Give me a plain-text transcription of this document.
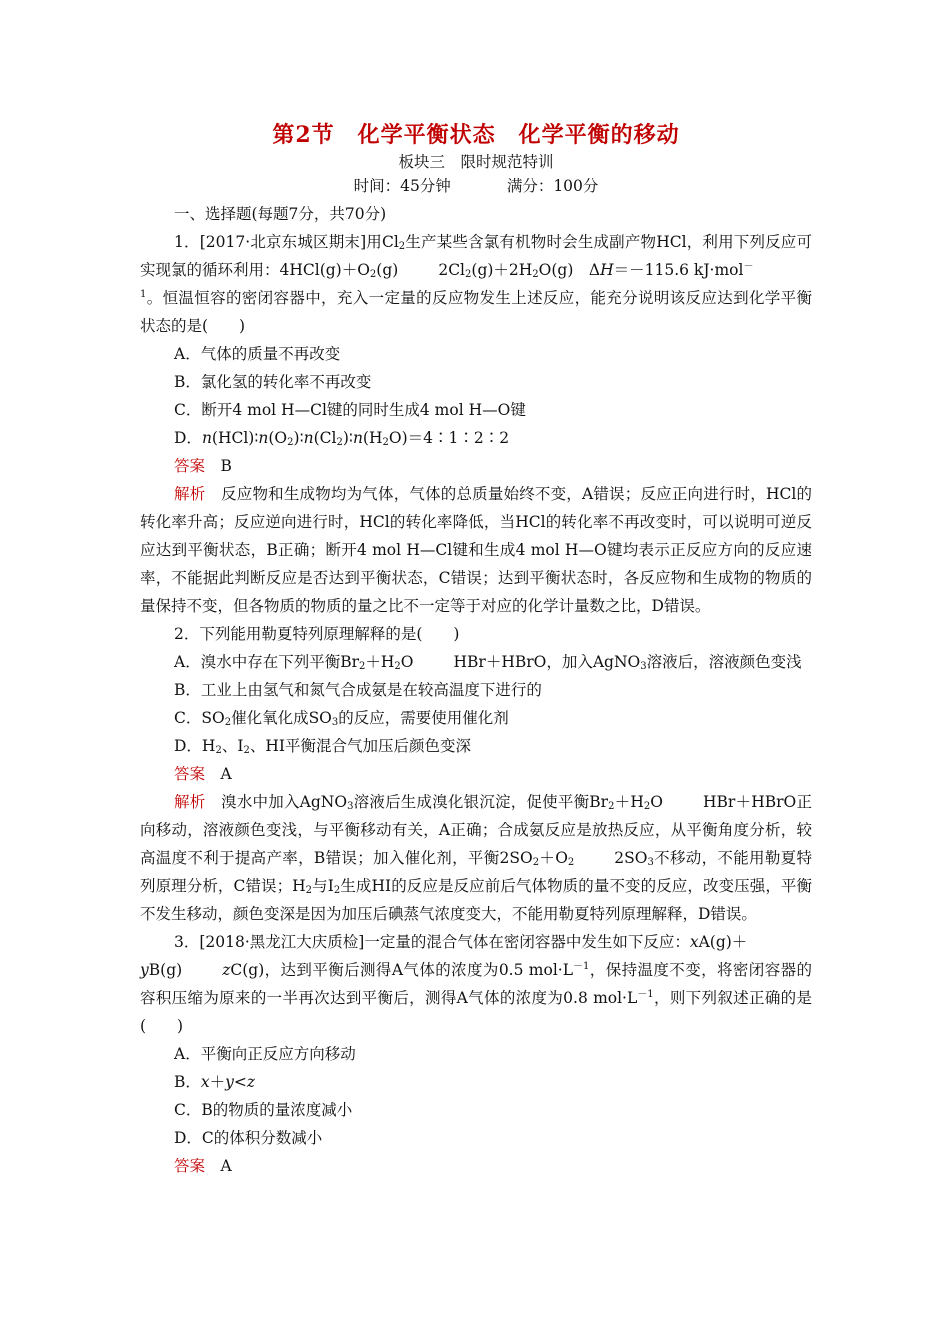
第2节　化学平衡状态　化学平衡的移动
板块三　限时规范特训
时间：45分钟	满分：100分

一、选择题(每题7分，共70分)

1．[2017·北京东城区期末]用$Cl_2$生产某些含氯有机物时会生成副产物HCl，利用下列反应可实现氯的循环利用：$4HCl(g)+O_2(g)$	$2Cl_2(g)+2H_2O(g)$　ΔH＝－115.6 kJ·mol－
$^1$。恒温恒容的密闭容器中，充入一定量的反应物发生上述反应，能充分说明该反应达到化学平衡状态的是(　　)

A．气体的质量不再改变

B．氯化氢的转化率不再改变

C．断开4 mol H—Cl键的同时生成4 mol H—O键

D．$n(HCl)∶n(O_2)∶n(Cl_2)∶n(H_2O)=4∶1∶2∶2$

答案　 B

解析　 反应物和生成物均为气体，气体的总质量始终不变，A错误；反应正向进行时，HCl的转化率升高；反应逆向进行时，HCl的转化率降低，当HCl的转化率不再改变时，可以说明可逆反应达到平衡状态，B正确；断开4 mol H—Cl键和生成4 mol H—O键均表示正反应方向的反应速率，不能据此判断反应是否达到平衡状态，C错误；达到平衡状态时，各反应物和生成物的物质的量保持不变，但各物质的物质的量之比不一定等于对应的化学计量数之比，D错误。

2．下列能用勒夏特列原理解释的是(　　)

A．溴水中存在下列平衡$Br_2+H_2O$	HBr＋HBrO，加入AgNO$_3$溶液后，溶液颜色变浅

B．工业上由氢气和氮气合成氨是在较高温度下进行的

C．$SO_2$催化氧化成$SO_3$的反应，需要使用催化剂

D．$H_2$、$I_2$、HI平衡混合气加压后颜色变深

答案　 A

解析　 溴水中加入AgNO$_3$溶液后生成溴化银沉淀，促使平衡$Br_2+H_2O$	HBr＋HBrO正向移动，溶液颜色变浅，与平衡移动有关，A正确；合成氨反应是放热反应，从平衡角度分析，较高温度不利于提高产率，B错误；加入催化剂，平衡$2SO_2+O_2$	$2SO_3$不移动，不能用勒夏特列原理分析，C错误；$H_2$与$I_2$生成HI的反应是反应前后气体物质的量不变的反应，改变压强，平衡不发生移动，颜色变深是因为加压后碘蒸气浓度变大，不能用勒夏特列原理解释，D错误。

3．[2018·黑龙江大庆质检]一定量的混合气体在密闭容器中发生如下反应：xA(g)＋
yB(g)	zC(g)，达到平衡后测得A气体的浓度为0.5 $mol\cdot L^{-1}$，保持温度不变，将密闭容器的容积压缩为原来的一半再次达到平衡后，测得A气体的浓度为0.8 $mol\cdot L^{-1}$，则下列叙述正确的是(　　)

A．平衡向正反应方向移动

B．x＋y<z

C．B的物质的量浓度减小

D．C的体积分数减小

答案　 A
